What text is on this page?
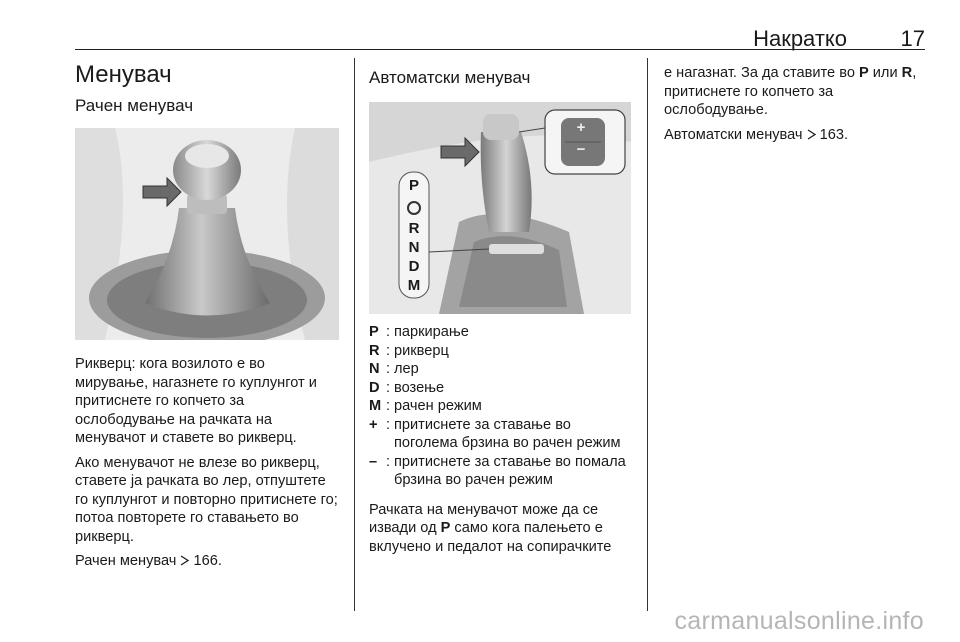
Накратко 17
Менувач
Рачен менувач

Рикверц: кога возилото е во мирување, нагазнете го куплунгот и притиснете го копчето за ослободување на рачката на менувачот и ставете во рикверц.

Ако менувачот не влезе во рикверц, ставете ја рачката во лер, отпуштете го куплунгот и повторно притиснете го; потоа повторете го ставањето во рикверц.

Рачен менувач 166.

Автоматски менувач
+
−
P
R
N
D
M
P : паркирање
R : рикверц
N : лер
D : возење
M : рачен режим
+ : притиснете за ставање во поголема брзина во рачен режим
– : притиснете за ставање во помала брзина во рачен режим

Рачката на менувачот може да се извади од P само кога палењето е вклучено и педалот на сопирачките

е нагазнат. За да ставите во P или R, притиснете го копчето за ослободување.

Автоматски менувач 163.

carmanualsonline.info
